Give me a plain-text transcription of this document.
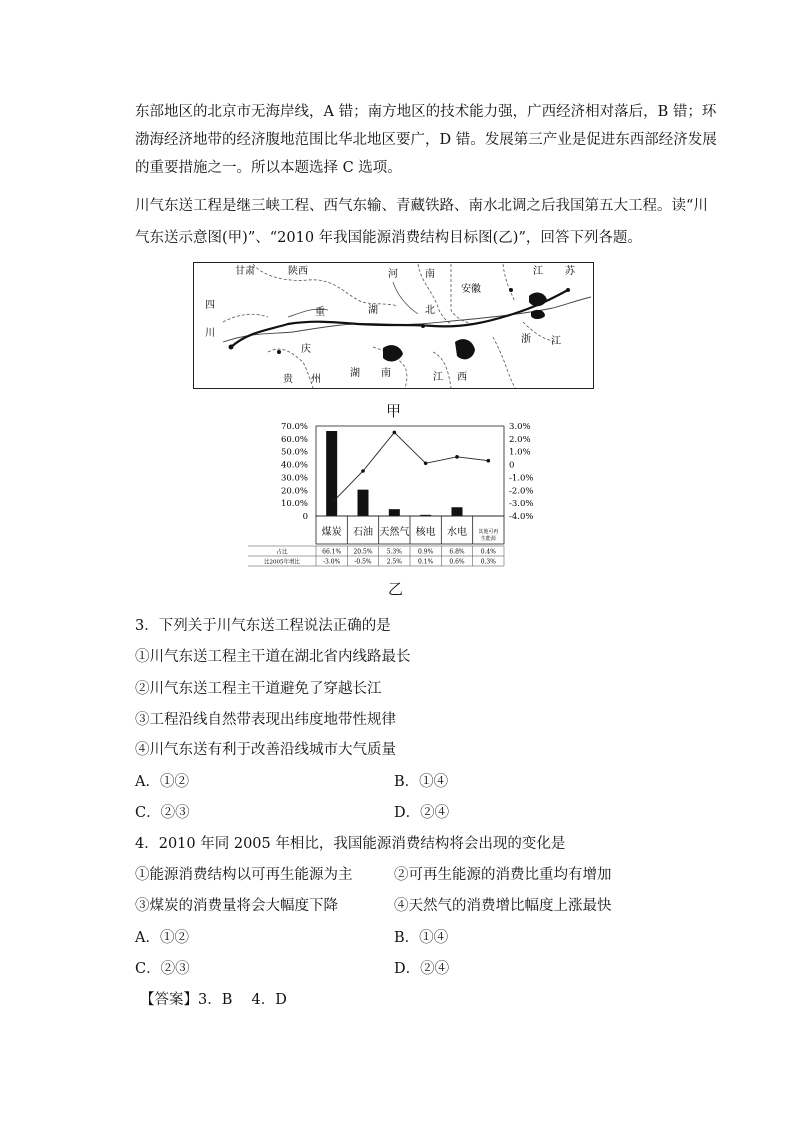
东部地区的北京市无海岸线，A 错；南方地区的技术能力强，广西经济相对落后，B 错；环
渤海经济地带的经济腹地范围比华北地区要广，D 错。发展第三产业是促进东西部经济发展
的重要措施之一。所以本题选择 C 选项。
川气东送工程是继三峡工程、西气东输、青藏铁路、南水北调之后我国第五大工程。读“川
气东送示意图(甲)”、“2010 年我国能源消费结构目标图(乙)”，回答下列各题。
甘肃	陕西	河	南	江 苏
四
川
安徽
重	湖	北
庆
浙 江
贵 州
湖 南	江 西
甲
70.0%
60.0%
50.0%
40.0%
30.0%
20.0%
10.0%
0
3.0%
2.0%
1.0%
0
-1.0%
-2.0%
-3.0%
-4.0%
煤炭 石油 天然气 核电 水电 其他可再
生能源
占比	66.1% 20.5% 5.3%	0.9%	6.8%	0.4%
比2005年增比	-3.0% -0.5%	2.5%	0.1%	0.6%	0.3%
乙
3．下列关于川气东送工程说法正确的是
①川气东送工程主干道在湖北省内线路最长
②川气东送工程主干道避免了穿越长江
③工程沿线自然带表现出纬度地带性规律
④川气东送有利于改善沿线城市大气质量
A．①②	B．①④
C．②③	D．②④
4．2010 年同 2005 年相比，我国能源消费结构将会出现的变化是
①能源消费结构以可再生能源为主	②可再生能源的消费比重均有增加
③煤炭的消费量将会大幅度下降	④天然气的消费增比幅度上涨最快
A．①②	B．①④
C．②③	D．②④
【答案】3．B　 4．D
